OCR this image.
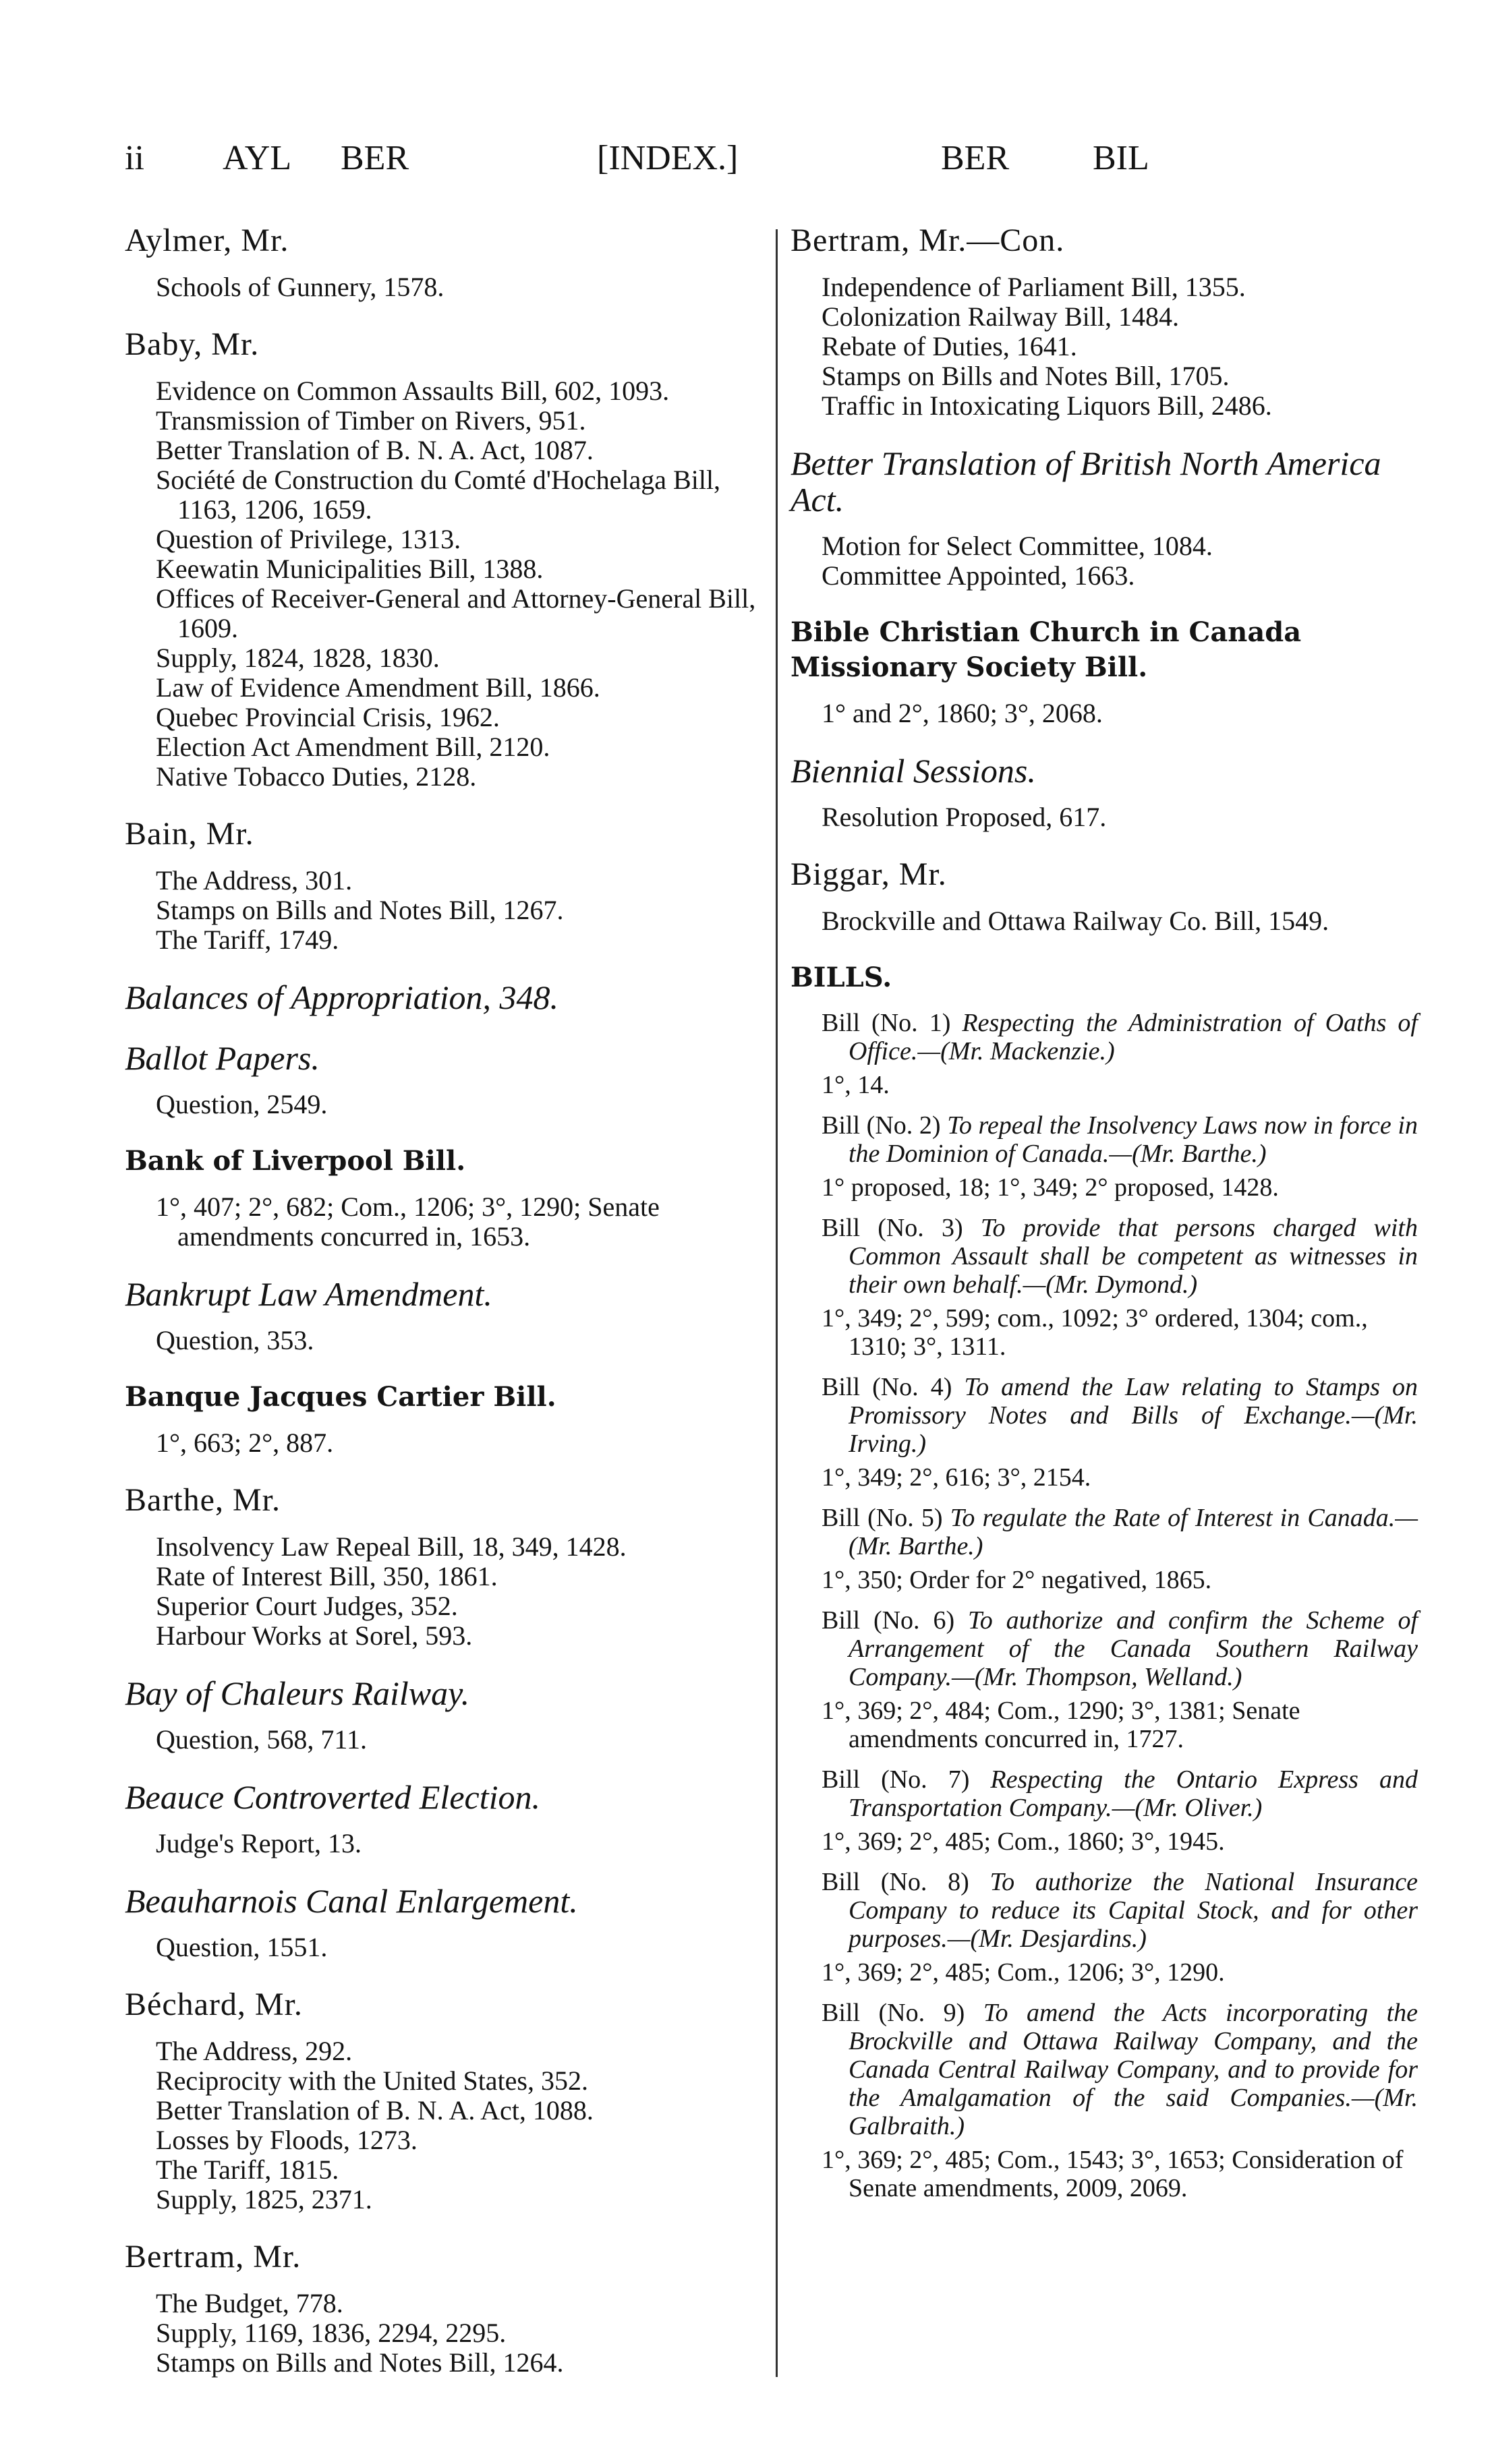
ii AYL BER	[INDEX.]	BER BIL
Aylmer, Mr.
Schools of Gunnery, 1578.
Baby, Mr.
Evidence on Common Assaults Bill, 602, 1093.
Transmission of Timber on Rivers, 951.
Better Translation of B. N. A. Act, 1087.
Société de Construction du Comté d'Hochelaga Bill, 1163, 1206, 1659.
Question of Privilege, 1313.
Keewatin Municipalities Bill, 1388.
Offices of Receiver-General and Attorney-General Bill, 1609.
Supply, 1824, 1828, 1830.
Law of Evidence Amendment Bill, 1866.
Quebec Provincial Crisis, 1962.
Election Act Amendment Bill, 2120.
Native Tobacco Duties, 2128.
Bain, Mr.
The Address, 301.
Stamps on Bills and Notes Bill, 1267.
The Tariff, 1749.
Balances of Appropriation, 348.
Ballot Papers.
Question, 2549.
Bank of Liverpool Bill.
1°, 407; 2°, 682; Com., 1206; 3°, 1290; Senate amendments concurred in, 1653.
Bankrupt Law Amendment.
Question, 353.
Banque Jacques Cartier Bill.
1°, 663; 2°, 887.
Barthe, Mr.
Insolvency Law Repeal Bill, 18, 349, 1428.
Rate of Interest Bill, 350, 1861.
Superior Court Judges, 352.
Harbour Works at Sorel, 593.
Bay of Chaleurs Railway.
Question, 568, 711.
Beauce Controverted Election.
Judge's Report, 13.
Beauharnois Canal Enlargement.
Question, 1551.
Béchard, Mr.
The Address, 292.
Reciprocity with the United States, 352.
Better Translation of B. N. A. Act, 1088.
Losses by Floods, 1273.
The Tariff, 1815.
Supply, 1825, 2371.
Bertram, Mr.
The Budget, 778.
Supply, 1169, 1836, 2294, 2295.
Stamps on Bills and Notes Bill, 1264.
Bertram, Mr.—Con.
Independence of Parliament Bill, 1355.
Colonization Railway Bill, 1484.
Rebate of Duties, 1641.
Stamps on Bills and Notes Bill, 1705.
Traffic in Intoxicating Liquors Bill, 2486.
Better Translation of British North America Act.
Motion for Select Committee, 1084.
Committee Appointed, 1663.
Bible Christian Church in Canada Missionary Society Bill.
1° and 2°, 1860; 3°, 2068.
Biennial Sessions.
Resolution Proposed, 617.
Biggar, Mr.
Brockville and Ottawa Railway Co. Bill, 1549.
BILLS.
Bill (No. 1) Respecting the Administration of Oaths of Office.—(Mr. Mackenzie.)
1°, 14.
Bill (No. 2) To repeal the Insolvency Laws now in force in the Dominion of Canada.—(Mr. Barthe.)
1° proposed, 18; 1°, 349; 2° proposed, 1428.
Bill (No. 3) To provide that persons charged with Common Assault shall be competent as witnesses in their own behalf.—(Mr. Dymond.)
1°, 349; 2°, 599; com., 1092; 3° ordered, 1304; com., 1310; 3°, 1311.
Bill (No. 4) To amend the Law relating to Stamps on Promissory Notes and Bills of Exchange.—(Mr. Irving.)
1°, 349; 2°, 616; 3°, 2154.
Bill (No. 5) To regulate the Rate of Interest in Canada.—(Mr. Barthe.)
1°, 350; Order for 2° negatived, 1865.
Bill (No. 6) To authorize and confirm the Scheme of Arrangement of the Canada Southern Railway Company.—(Mr. Thompson, Welland.)
1°, 369; 2°, 484; Com., 1290; 3°, 1381; Senate amendments concurred in, 1727.
Bill (No. 7) Respecting the Ontario Express and Transportation Company.—(Mr. Oliver.)
1°, 369; 2°, 485; Com., 1860; 3°, 1945.
Bill (No. 8) To authorize the National Insurance Company to reduce its Capital Stock, and for other purposes.—(Mr. Desjardins.)
1°, 369; 2°, 485; Com., 1206; 3°, 1290.
Bill (No. 9) To amend the Acts incorporating the Brockville and Ottawa Railway Company, and the Canada Central Railway Company, and to provide for the Amalgamation of the said Companies.—(Mr. Galbraith.)
1°, 369; 2°, 485; Com., 1543; 3°, 1653; Consideration of Senate amendments, 2009, 2069.
